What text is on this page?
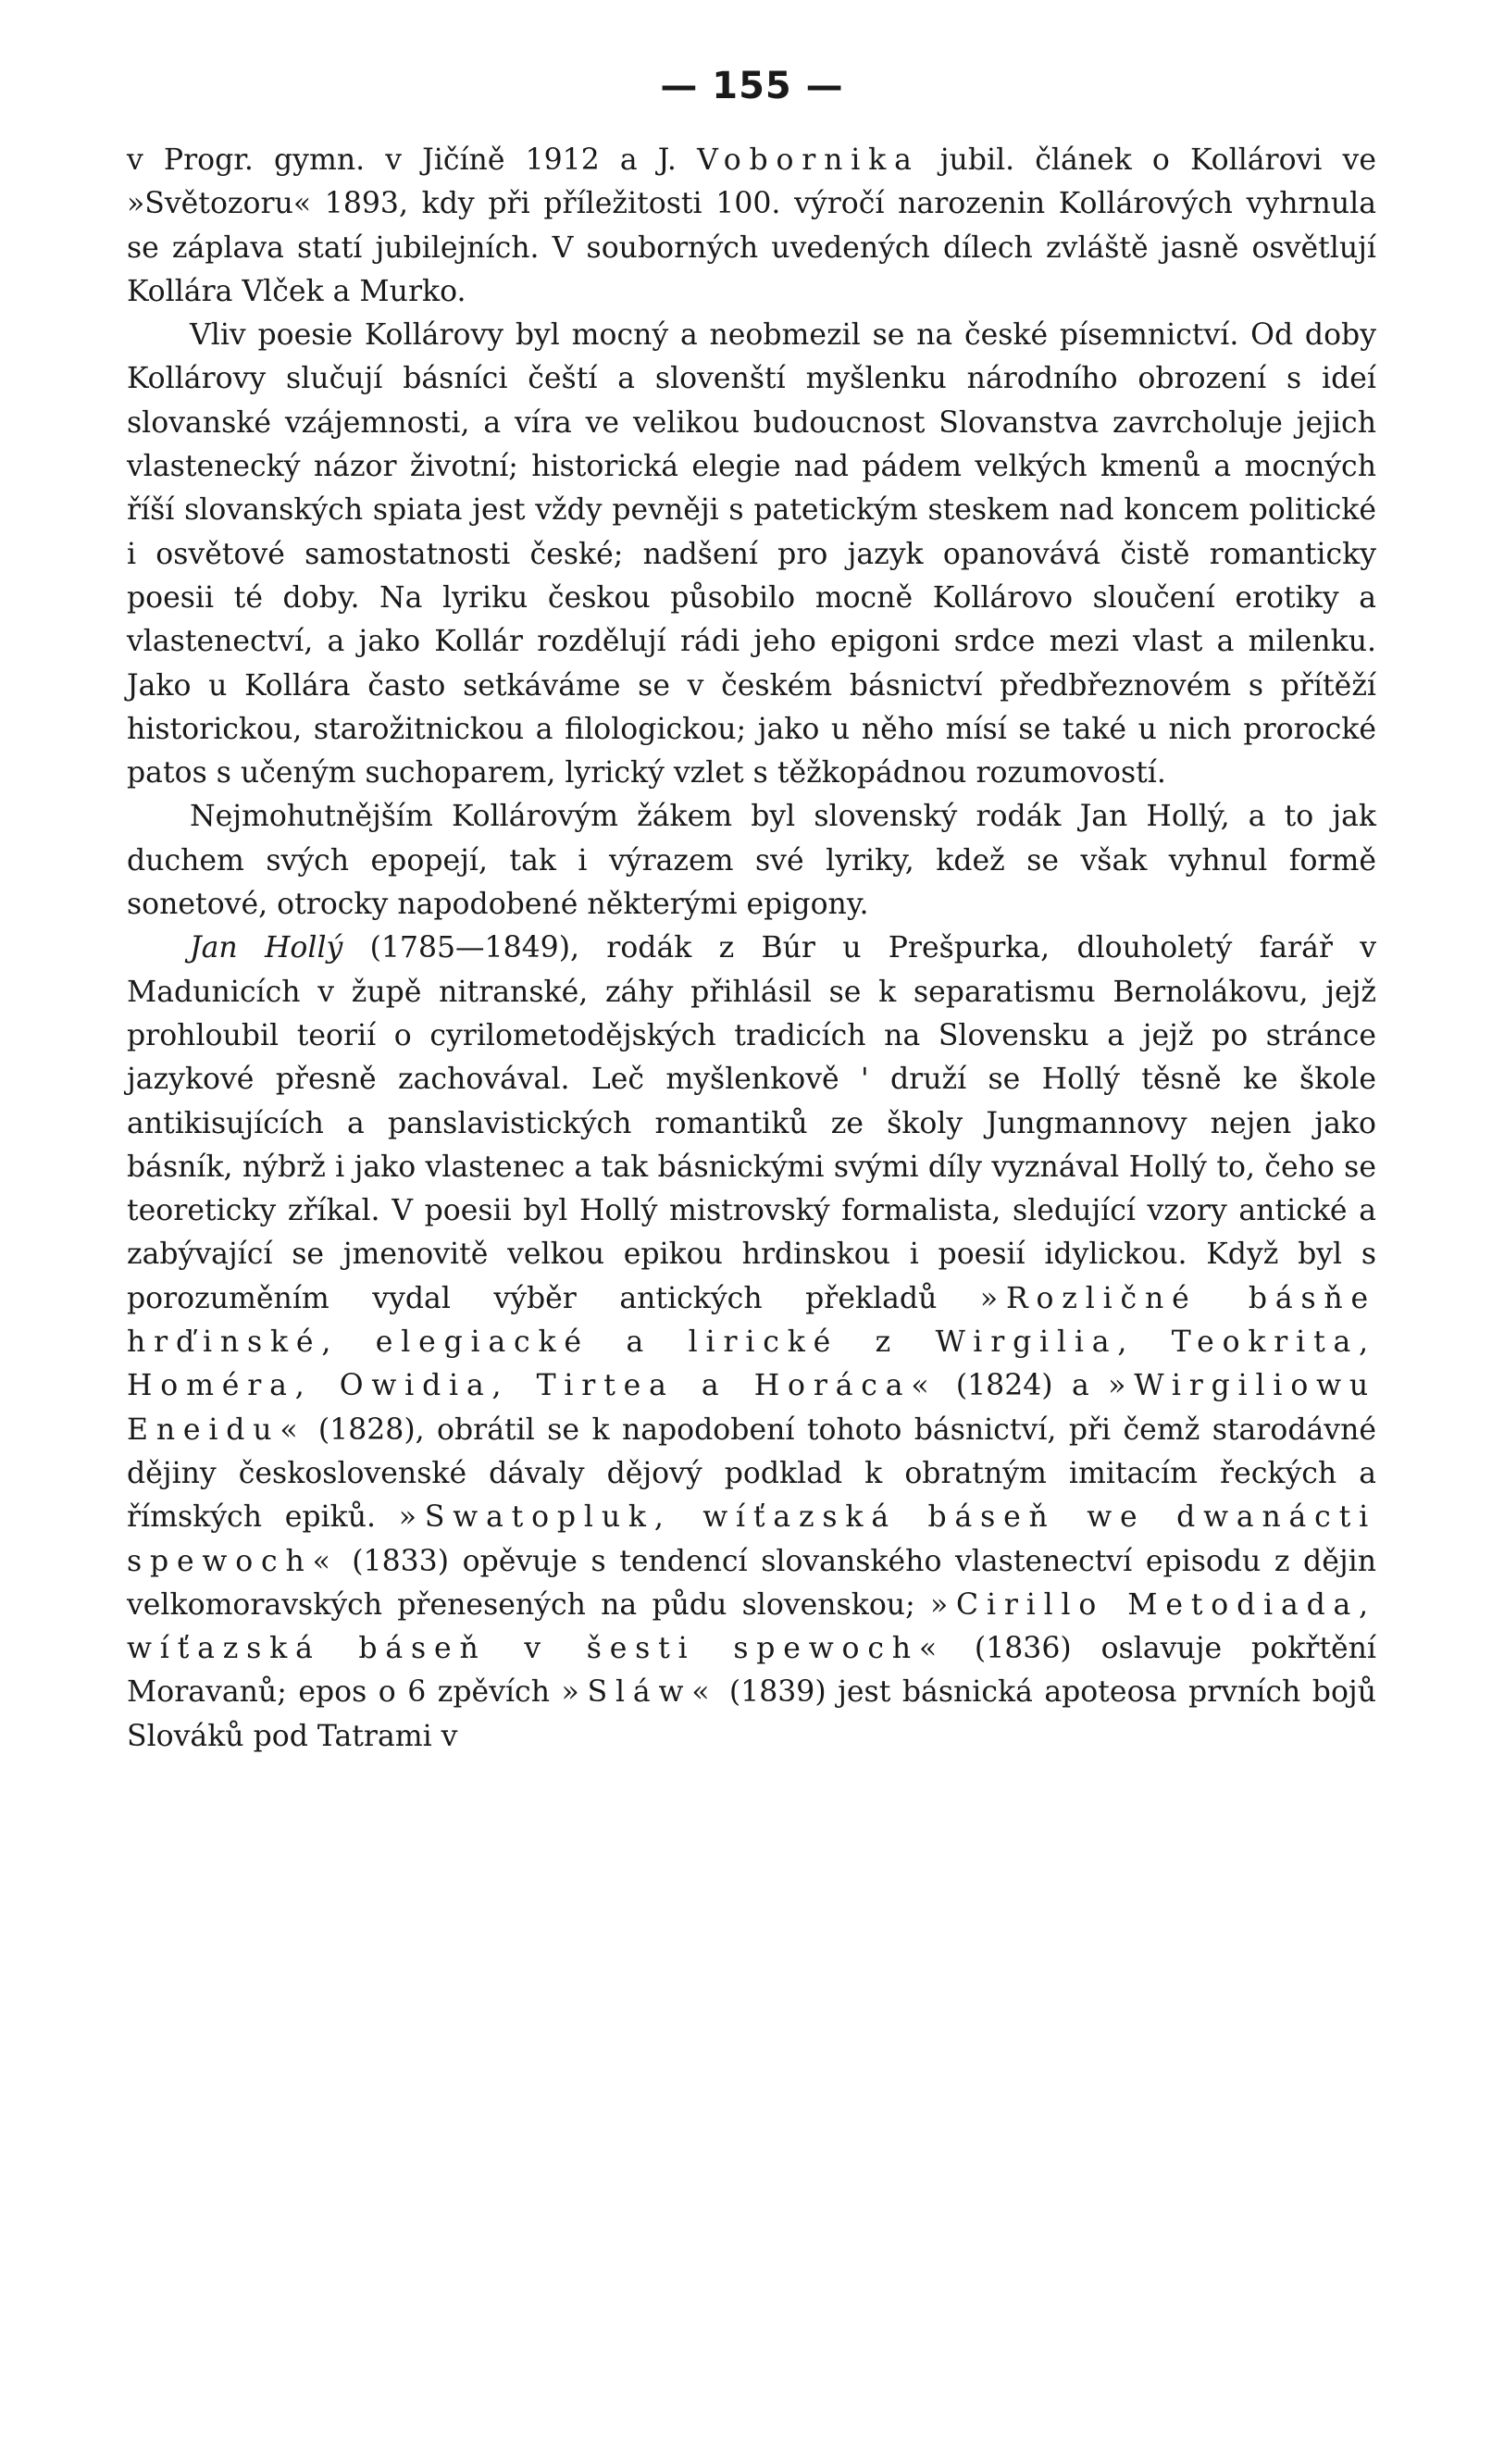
— 155 —

v Progr. gymn. v Jičíně 1912 a J. Vobornika jubil. článek o Kollárovi ve »Světozoru« 1893, kdy při příležitosti 100. výročí narozenin Kollárových vyhrnula se záplava statí jubilejních. V souborných uvedených dílech zvláště jasně osvětlují Kollára Vlček a Murko.

Vliv poesie Kollárovy byl mocný a neobmezil se na české písemnictví. Od doby Kollárovy slučují básníci čeští a slovenští myšlenku národního obrození s ideí slovanské vzájemnosti, a víra ve velikou budoucnost Slovanstva zavrcholuje jejich vlastenecký názor životní; historická elegie nad pádem velkých kmenů a mocných říší slovanských spiata jest vždy pevněji s patetickým steskem nad koncem politické i osvětové samostatnosti české; nadšení pro jazyk opanovává čistě romanticky poesii té doby. Na lyriku českou působilo mocně Kollárovo sloučení erotiky a vlastenectví, a jako Kollár rozdělují rádi jeho epigoni srdce mezi vlast a milenku. Jako u Kollára často setkáváme se v českém básnictví předbřeznovém s přítěží historickou, starožitnickou a filologickou; jako u něho mísí se také u nich prorocké patos s učeným suchoparem, lyrický vzlet s těžkopádnou rozumovostí.

Nejmohutnějším Kollárovým žákem byl slovenský rodák Jan Hollý, a to jak duchem svých epopejí, tak i výrazem své lyriky, kdež se však vyhnul formě sonetové, otrocky napodobené některými epigony.

Jan Hollý (1785—1849), rodák z Búr u Prešpurka, dlouholetý farář v Madunicích v župě nitranské, záhy přihlásil se k separatismu Bernolákovu, jejž prohloubil teorií o cyrilometodějských tradicích na Slovensku a jejž po stránce jazykové přesně zachovával. Leč myšlenkově ' druží se Hollý těsně ke škole antikisujících a panslavistických romantiků ze školy Jungmannovy nejen jako básník, nýbrž i jako vlastenec a tak básnickými svými díly vyznával Hollý to, čeho se teoreticky zříkal. V poesii byl Hollý mistrovský formalista, sledující vzory antické a zabývající se jmenovitě velkou epikou hrdinskou i poesií idylickou. Když byl s porozuměním vydal výběr antických překladů »Rozličné básňe hrďinské, elegiacké a lirické z Wirgilia, Teokrita, Homéra, Owidia, Tirtea a Horáca« (1824) a »Wirgiliowu Eneidu« (1828), obrátil se k napodobení tohoto básnictví, při čemž starodávné dějiny československé dávaly dějový podklad k obratným imitacím řeckých a římských epiků. »Swatopluk, wíťazská báseň we dwanácti spewoch« (1833) opěvuje s tendencí slovanského vlastenectví episodu z dějin velkomoravských přenesených na půdu slovenskou; »Cirillo Metodiada, wíťazská báseň v šesti spewoch« (1836) oslavuje pokřtění Moravanů; epos o 6 zpěvích »Sláw« (1839) jest básnická apoteosa prvních bojů Slováků pod Tatrami v
